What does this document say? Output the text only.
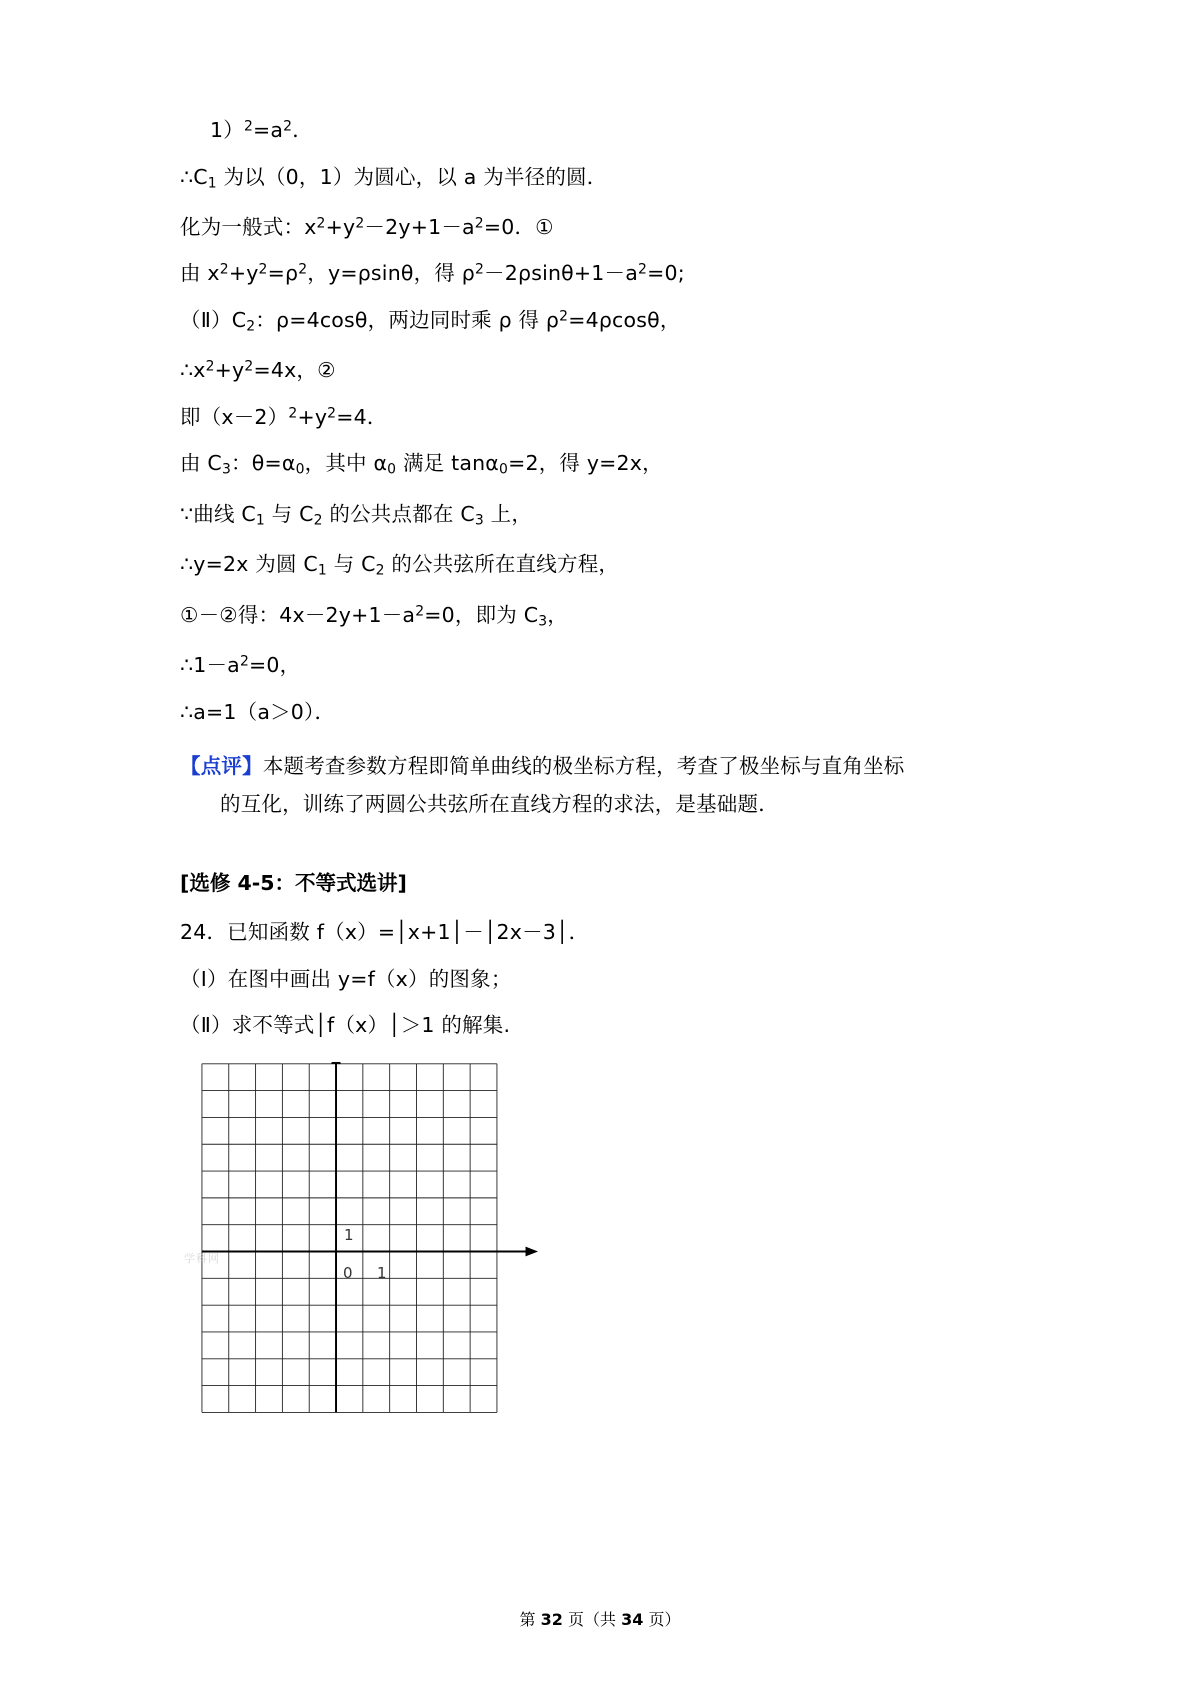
$1)^2=a^2$．
$\therefore C_1$ 为以（0，1）为圆心，以 a 为半径的圆．
化为一般式：$x^2+y^2-2y+1-a^2=0$．①
由 $x^2+y^2=\rho^2$，y=ρsinθ，得 $\rho^2-2\rho\sin\theta+1-a^2=0$;
$(Ⅱ)C_2$：ρ=4cosθ，两边同时乘 ρ 得 $\rho^2=4\rho\cos\theta$，
$\therefore x^2+y^2=4x$，②
即$(x-2)^2+y^2=4$．
由 $C_3$：$\theta=\alpha_0$，其中 $\alpha_0$ 满足 tanα$_0$=2，得 y=2x，
∵曲线 $C_1$ 与 $C_2$ 的公共点都在 $C_3$ 上，
∴y=2x 为圆 $C_1$ 与 $C_2$ 的公共弦所在直线方程，
①－②得：$4x-2y+1-a^2=0$，即为 $C_3$，
$\therefore 1-a^2=0$，
∴a=1（a＞0）．
【点评】本题考查参数方程即简单曲线的极坐标方程，考查了极坐标与直角坐标
的互化，训练了两圆公共弦所在直线方程的求法，是基础题．
[选修 4-5：不等式选讲]
24．已知函数 f（x）=│x+1│－│2x－3│．
（Ⅰ）在图中画出 y=f（x）的图象；
（Ⅱ）求不等式│f（x）│＞1 的解集.
学科网
0 1
1
第 32 页（共 34 页）
